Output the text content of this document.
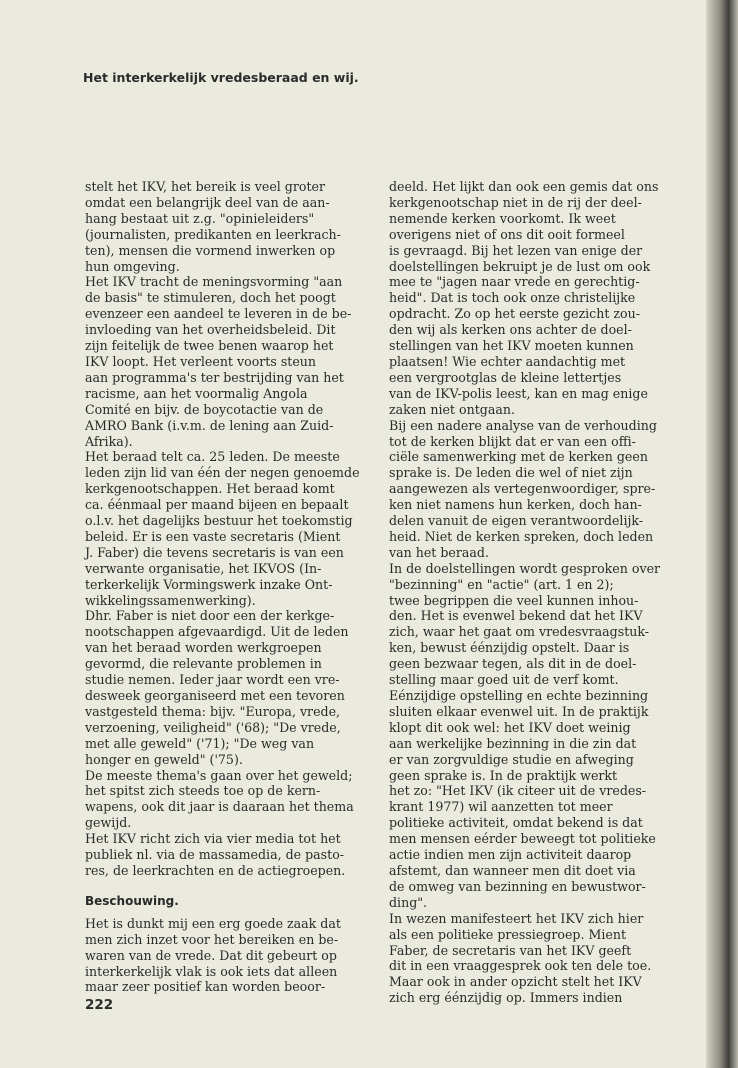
Het interkerkelijk vredesberaad en wij.

stelt het IKV, het bereik is veel groter
omdat een belangrijk deel van de aan-
hang bestaat uit z.g. "opinieleiders"
(journalisten, predikanten en leerkrach-
ten), mensen die vormend inwerken op
hun omgeving.

Het IKV tracht de meningsvorming "aan
de basis" te stimuleren, doch het poogt
evenzeer een aandeel te leveren in de be-
invloeding van het overheidsbeleid. Dit
zijn feitelijk de twee benen waarop het
IKV loopt. Het verleent voorts steun
aan programma's ter bestrijding van het
racisme, aan het voormalig Angola
Comité en bijv. de boycotactie van de
AMRO Bank (i.v.m. de lening aan Zuid-
Afrika).

Het beraad telt ca. 25 leden. De meeste
leden zijn lid van één der negen genoemde
kerkgenootschappen. Het beraad komt
ca. éénmaal per maand bijeen en bepaalt
o.l.v. het dagelijks bestuur het toekomstig
beleid. Er is een vaste secretaris (Mient
J. Faber) die tevens secretaris is van een
verwante organisatie, het IKVOS (In-
terkerkelijk Vormingswerk inzake Ont-
wikkelingssamenwerking).

Dhr. Faber is niet door een der kerkge-
nootschappen afgevaardigd. Uit de leden
van het beraad worden werkgroepen
gevormd, die relevante problemen in
studie nemen. Ieder jaar wordt een vre-
desweek georganiseerd met een tevoren
vastgesteld thema: bijv. "Europa, vrede,
verzoening, veiligheid" ('68); "De vrede,
met alle geweld" ('71); "De weg van
honger en geweld" ('75).

De meeste thema's gaan over het geweld;
het spitst zich steeds toe op de kern-
wapens, ook dit jaar is daaraan het thema
gewijd.

Het IKV richt zich via vier media tot het
publiek nl. via de massamedia, de pasto-
res, de leerkrachten en de actiegroepen.

Beschouwing.

Het is dunkt mij een erg goede zaak dat
men zich inzet voor het bereiken en be-
waren van de vrede. Dat dit gebeurt op
interkerkelijk vlak is ook iets dat alleen
maar zeer positief kan worden beoor-

deeld. Het lijkt dan ook een gemis dat ons
kerkgenootschap niet in de rij der deel-
nemende kerken voorkomt. Ik weet
overigens niet of ons dit ooit formeel
is gevraagd. Bij het lezen van enige der
doelstellingen bekruipt je de lust om ook
mee te "jagen naar vrede en gerechtig-
heid". Dat is toch ook onze christelijke
opdracht. Zo op het eerste gezicht zou-
den wij als kerken ons achter de doel-
stellingen van het IKV moeten kunnen
plaatsen! Wie echter aandachtig met
een vergrootglas de kleine lettertjes
van de IKV-polis leest, kan en mag enige
zaken niet ontgaan.

Bij een nadere analyse van de verhouding
tot de kerken blijkt dat er van een offi-
ciële samenwerking met de kerken geen
sprake is. De leden die wel of niet zijn
aangewezen als vertegenwoordiger, spre-
ken niet namens hun kerken, doch han-
delen vanuit de eigen verantwoordelijk-
heid. Niet de kerken spreken, doch leden
van het beraad.

In de doelstellingen wordt gesproken over
"bezinning" en "actie" (art. 1 en 2);
twee begrippen die veel kunnen inhou-
den. Het is evenwel bekend dat het IKV
zich, waar het gaat om vredesvraagstuk-
ken, bewust éénzijdig opstelt. Daar is
geen bezwaar tegen, als dit in de doel-
stelling maar goed uit de verf komt.
Eénzijdige opstelling en echte bezinning
sluiten elkaar evenwel uit. In de praktijk
klopt dit ook wel: het IKV doet weinig
aan werkelijke bezinning in die zin dat
er van zorgvuldige studie en afweging
geen sprake is. In de praktijk werkt
het zo: "Het IKV (ik citeer uit de vredes-
krant 1977) wil aanzetten tot meer
politieke activiteit, omdat bekend is dat
men mensen eérder beweegt tot politieke
actie indien men zijn activiteit daarop
afstemt, dan wanneer men dit doet via
de omweg van bezinning en bewustwor-
ding".

In wezen manifesteert het IKV zich hier
als een politieke pressiegroep. Mient
Faber, de secretaris van het IKV geeft
dit in een vraaggesprek ook ten dele toe.
Maar ook in ander opzicht stelt het IKV
zich erg éénzijdig op. Immers indien

222
